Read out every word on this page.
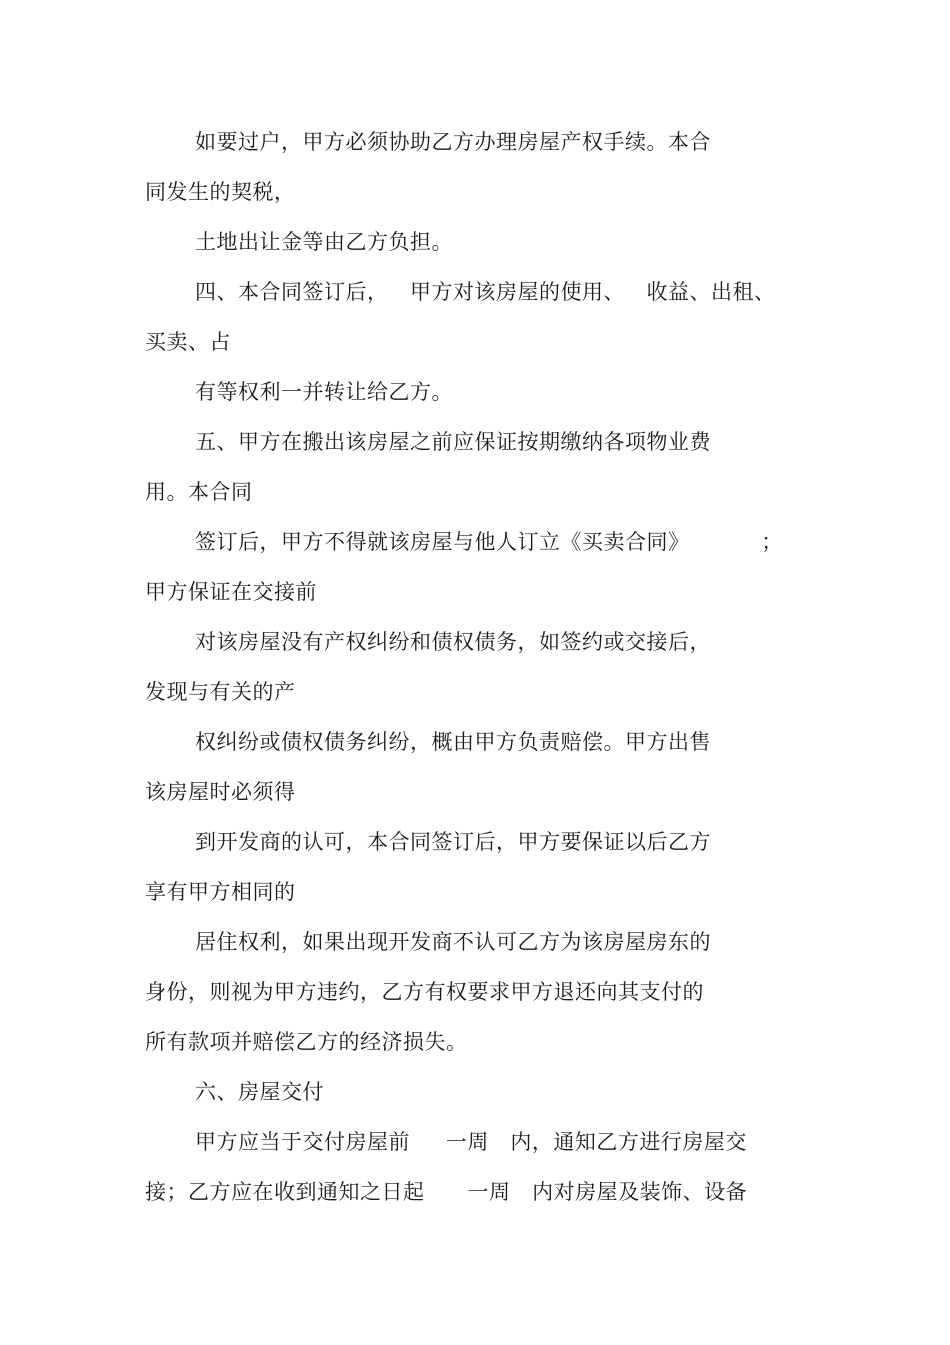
如要过户，甲方必须协助乙方办理房屋产权手续。本合
同发生的契税，
土地出让金等由乙方负担。
四、本合同签订后，   甲方对该房屋的使用、   收益、出租、
买卖、占
有等权利一并转让给乙方。
五、甲方在搬出该房屋之前应保证按期缴纳各项物业费
用。本合同
签订后，甲方不得就该房屋与他人订立《买卖合同》          ；
甲方保证在交接前
对该房屋没有产权纠纷和债权债务，如签约或交接后，
发现与有关的产
权纠纷或债权债务纠纷，概由甲方负责赔偿。甲方出售
该房屋时必须得
到开发商的认可，本合同签订后，甲方要保证以后乙方
享有甲方相同的
居住权利，如果出现开发商不认可乙方为该房屋房东的
身份，则视为甲方违约，乙方有权要求甲方退还向其支付的
所有款项并赔偿乙方的经济损失。
六、房屋交付
甲方应当于交付房屋前     一周   内，通知乙方进行房屋交
接；乙方应在收到通知之日起      一周   内对房屋及装饰、设备
